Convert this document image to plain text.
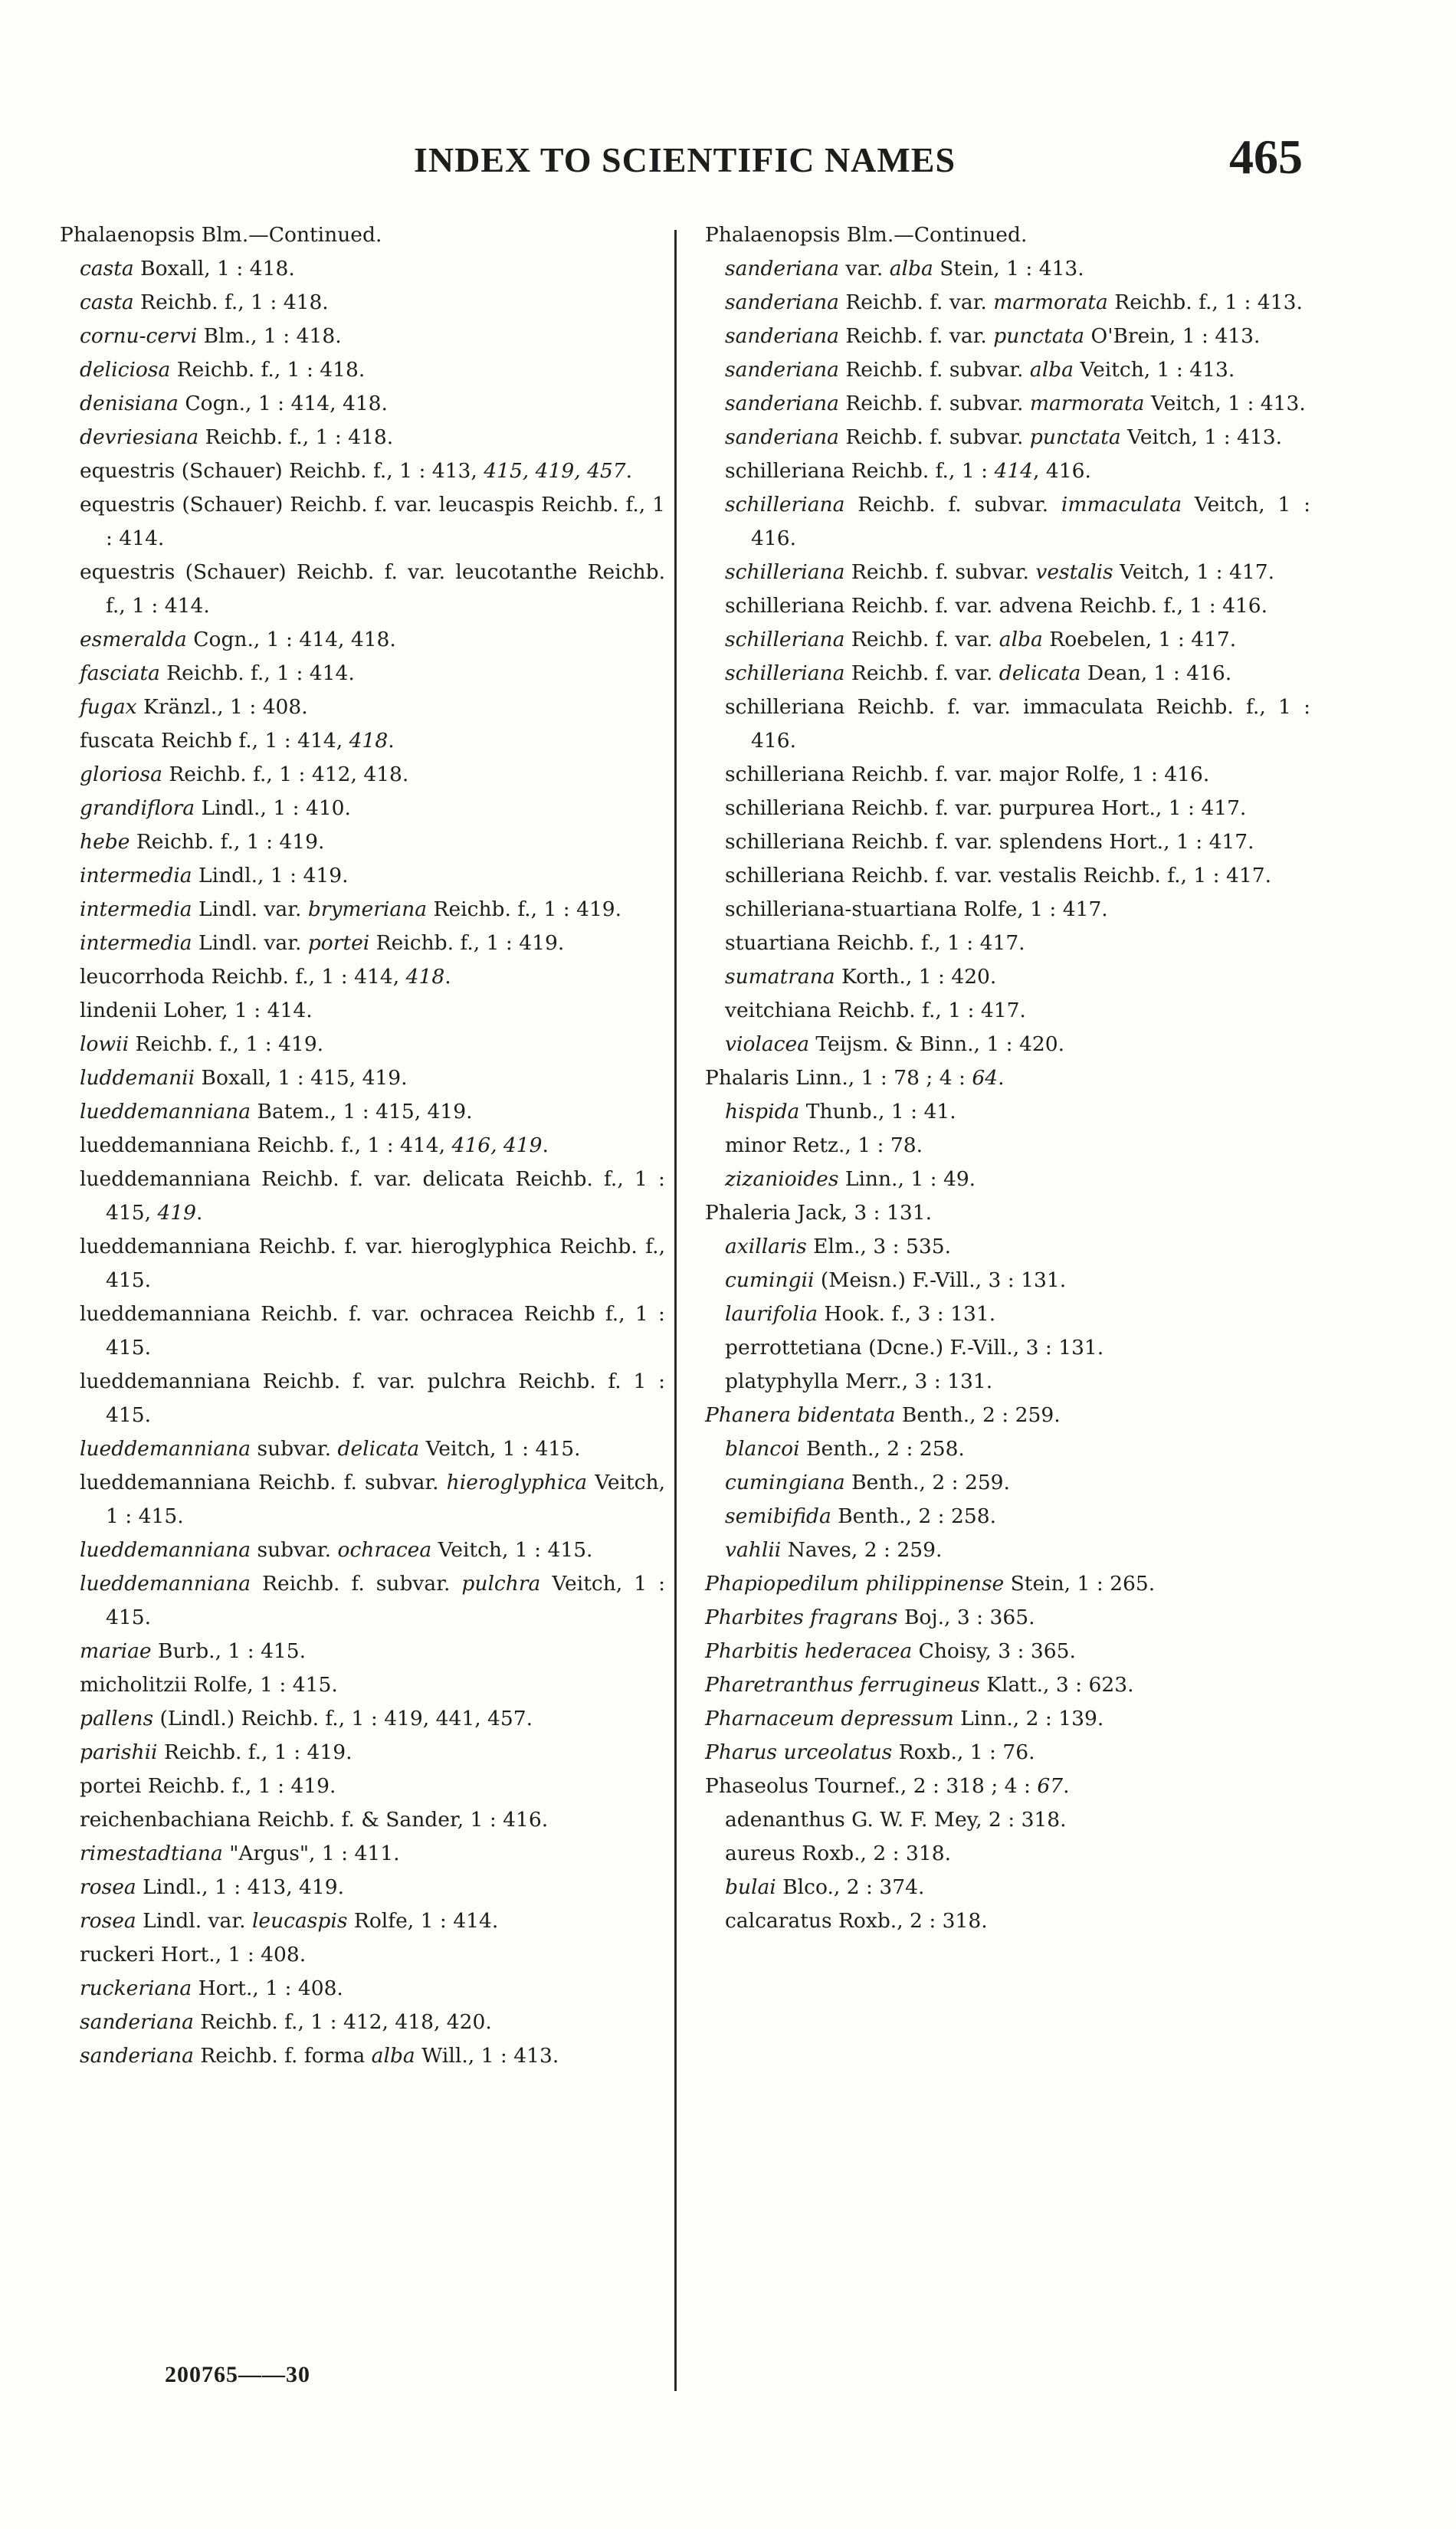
INDEX TO SCIENTIFIC NAMES	465

Phalaenopsis Blm.—Continued.

casta Boxall, 1 : 418.

casta Reichb. f., 1 : 418.

cornu-cervi Blm., 1 : 418.

deliciosa Reichb. f., 1 : 418.

denisiana Cogn., 1 : 414, 418.

devriesiana Reichb. f., 1 : 418.

equestris (Schauer) Reichb. f., 1 : 413, 415, 419, 457.

equestris (Schauer) Reichb. f. var. leucaspis Reichb. f., 1 : 414.

equestris (Schauer) Reichb. f. var. leucotanthe Reichb. f., 1 : 414.

esmeralda Cogn., 1 : 414, 418.

fasciata Reichb. f., 1 : 414.

fugax Kränzl., 1 : 408.

fuscata Reichb f., 1 : 414, 418.

gloriosa Reichb. f., 1 : 412, 418.

grandiflora Lindl., 1 : 410.

hebe Reichb. f., 1 : 419.

intermedia Lindl., 1 : 419.

intermedia Lindl. var. brymeriana Reichb. f., 1 : 419.

intermedia Lindl. var. portei Reichb. f., 1 : 419.

leucorrhoda Reichb. f., 1 : 414, 418.

lindenii Loher, 1 : 414.

lowii Reichb. f., 1 : 419.

luddemanii Boxall, 1 : 415, 419.

lueddemanniana Batem., 1 : 415, 419.

lueddemanniana Reichb. f., 1 : 414, 416, 419.

lueddemanniana Reichb. f. var. delicata Reichb. f., 1 : 415, 419.

lueddemanniana Reichb. f. var. hieroglyphica Reichb. f., 415.

lueddemanniana Reichb. f. var. ochracea Reichb f., 1 : 415.

lueddemanniana Reichb. f. var. pulchra Reichb. f. 1 : 415.

lueddemanniana subvar. delicata Veitch, 1 : 415.

lueddemanniana Reichb. f. subvar. hieroglyphica Veitch, 1 : 415.

lueddemanniana subvar. ochracea Veitch, 1 : 415.

lueddemanniana Reichb. f. subvar. pulchra Veitch, 1 : 415.

mariae Burb., 1 : 415.

micholitzii Rolfe, 1 : 415.

pallens (Lindl.) Reichb. f., 1 : 419, 441, 457.

parishii Reichb. f., 1 : 419.

portei Reichb. f., 1 : 419.

reichenbachiana Reichb. f. & Sander, 1 : 416.

rimestadtiana "Argus", 1 : 411.

rosea Lindl., 1 : 413, 419.

rosea Lindl. var. leucaspis Rolfe, 1 : 414.

ruckeri Hort., 1 : 408.

ruckeriana Hort., 1 : 408.

sanderiana Reichb. f., 1 : 412, 418, 420.

sanderiana Reichb. f. forma alba Will., 1 : 413.

Phalaenopsis Blm.—Continued.

sanderiana var. alba Stein, 1 : 413.

sanderiana Reichb. f. var. marmorata Reichb. f., 1 : 413.

sanderiana Reichb. f. var. punctata O'Brein, 1 : 413.

sanderiana Reichb. f. subvar. alba Veitch, 1 : 413.

sanderiana Reichb. f. subvar. marmorata Veitch, 1 : 413.

sanderiana Reichb. f. subvar. punctata Veitch, 1 : 413.

schilleriana Reichb. f., 1 : 414, 416.

schilleriana Reichb. f. subvar. immaculata Veitch, 1 : 416.

schilleriana Reichb. f. subvar. vestalis Veitch, 1 : 417.

schilleriana Reichb. f. var. advena Reichb. f., 1 : 416.

schilleriana Reichb. f. var. alba Roebelen, 1 : 417.

schilleriana Reichb. f. var. delicata Dean, 1 : 416.

schilleriana Reichb. f. var. immaculata Reichb. f., 1 : 416.

schilleriana Reichb. f. var. major Rolfe, 1 : 416.

schilleriana Reichb. f. var. purpurea Hort., 1 : 417.

schilleriana Reichb. f. var. splendens Hort., 1 : 417.

schilleriana Reichb. f. var. vestalis Reichb. f., 1 : 417.

schilleriana-stuartiana Rolfe, 1 : 417.

stuartiana Reichb. f., 1 : 417.

sumatrana Korth., 1 : 420.

veitchiana Reichb. f., 1 : 417.

violacea Teijsm. & Binn., 1 : 420.

Phalaris Linn., 1 : 78 ; 4 : 64.

hispida Thunb., 1 : 41.

minor Retz., 1 : 78.

zizanioides Linn., 1 : 49.

Phaleria Jack, 3 : 131.

axillaris Elm., 3 : 535.

cumingii (Meisn.) F.-Vill., 3 : 131.

laurifolia Hook. f., 3 : 131.

perrottetiana (Dcne.) F.-Vill., 3 : 131.

platyphylla Merr., 3 : 131.

Phanera bidentata Benth., 2 : 259.

blancoi Benth., 2 : 258.

cumingiana Benth., 2 : 259.

semibifida Benth., 2 : 258.

vahlii Naves, 2 : 259.

Phapiopedilum philippinense Stein, 1 : 265.

Pharbites fragrans Boj., 3 : 365.

Pharbitis hederacea Choisy, 3 : 365.

Pharetranthus ferrugineus Klatt., 3 : 623.

Pharnaceum depressum Linn., 2 : 139.

Pharus urceolatus Roxb., 1 : 76.

Phaseolus Tournef., 2 : 318 ; 4 : 67.

adenanthus G. W. F. Mey, 2 : 318.

aureus Roxb., 2 : 318.

bulai Blco., 2 : 374.

calcaratus Roxb., 2 : 318.

200765——30
